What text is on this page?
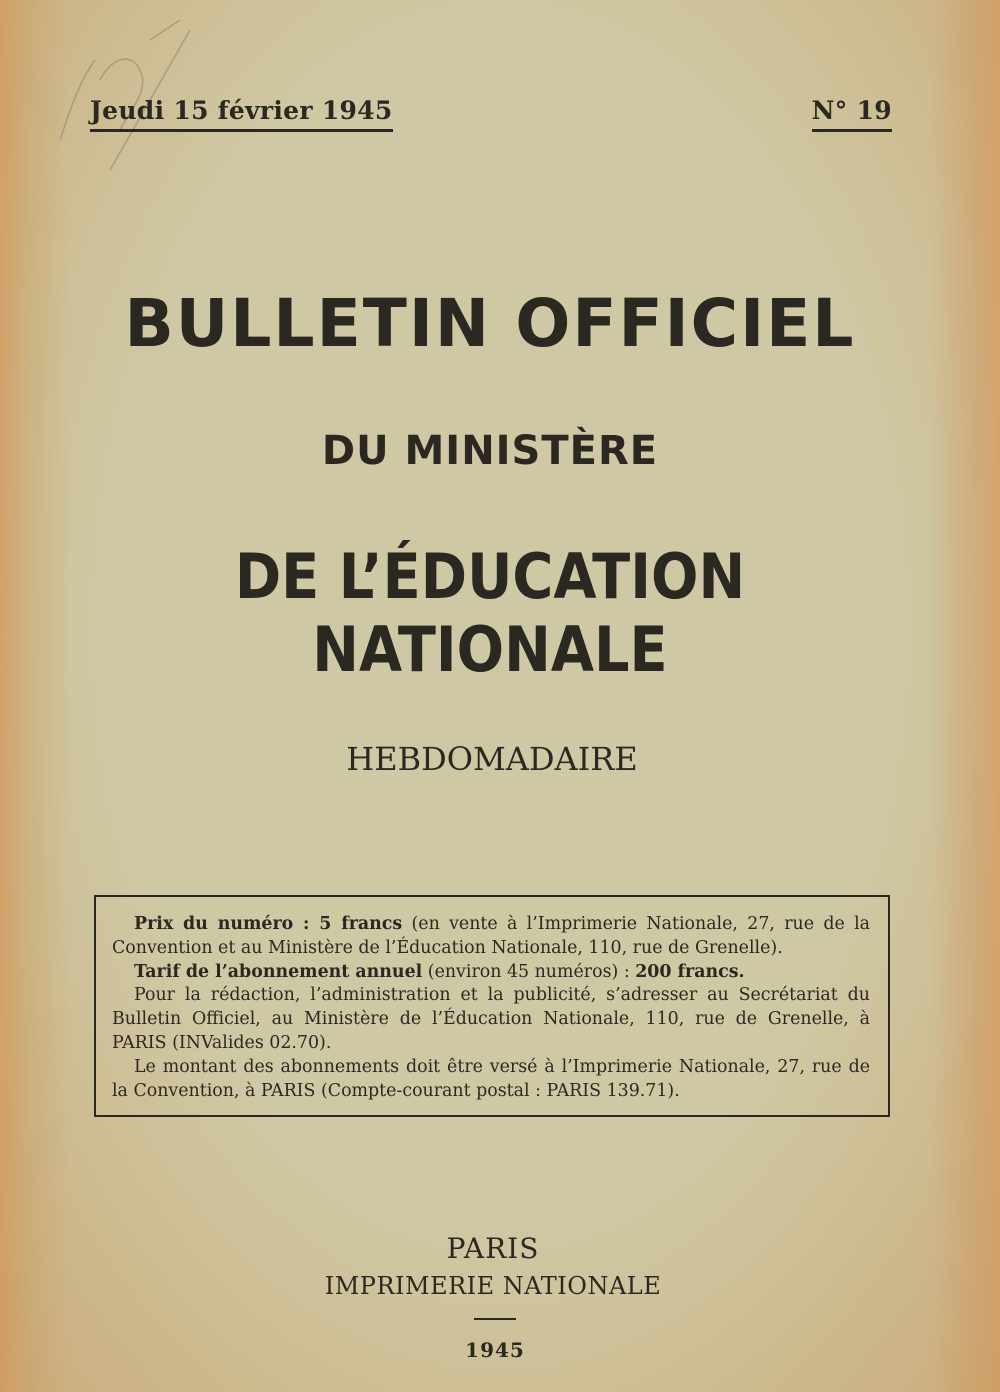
Jeudi 15 février 1945	N° 19
BULLETIN OFFICIEL
DU MINISTÈRE
DE L’ÉDUCATION NATIONALE
HEBDOMADAIRE

Prix du numéro : 5 francs (en vente à l’Imprimerie Nationale, 27, rue de la Convention et au Ministère de l’Éducation Nationale, 110, rue de Grenelle).

Tarif de l’abonnement annuel (environ 45 numéros) : 200 francs.

Pour la rédaction, l’administration et la publicité, s’adresser au Secrétariat du Bulletin Officiel, au Ministère de l’Éducation Nationale, 110, rue de Grenelle, à PARIS (INValides 02.70).

Le montant des abonnements doit être versé à l’Imprimerie Nationale, 27, rue de la Convention, à PARIS (Compte-courant postal : PARIS 139.71).

PARIS
IMPRIMERIE NATIONALE
1945
